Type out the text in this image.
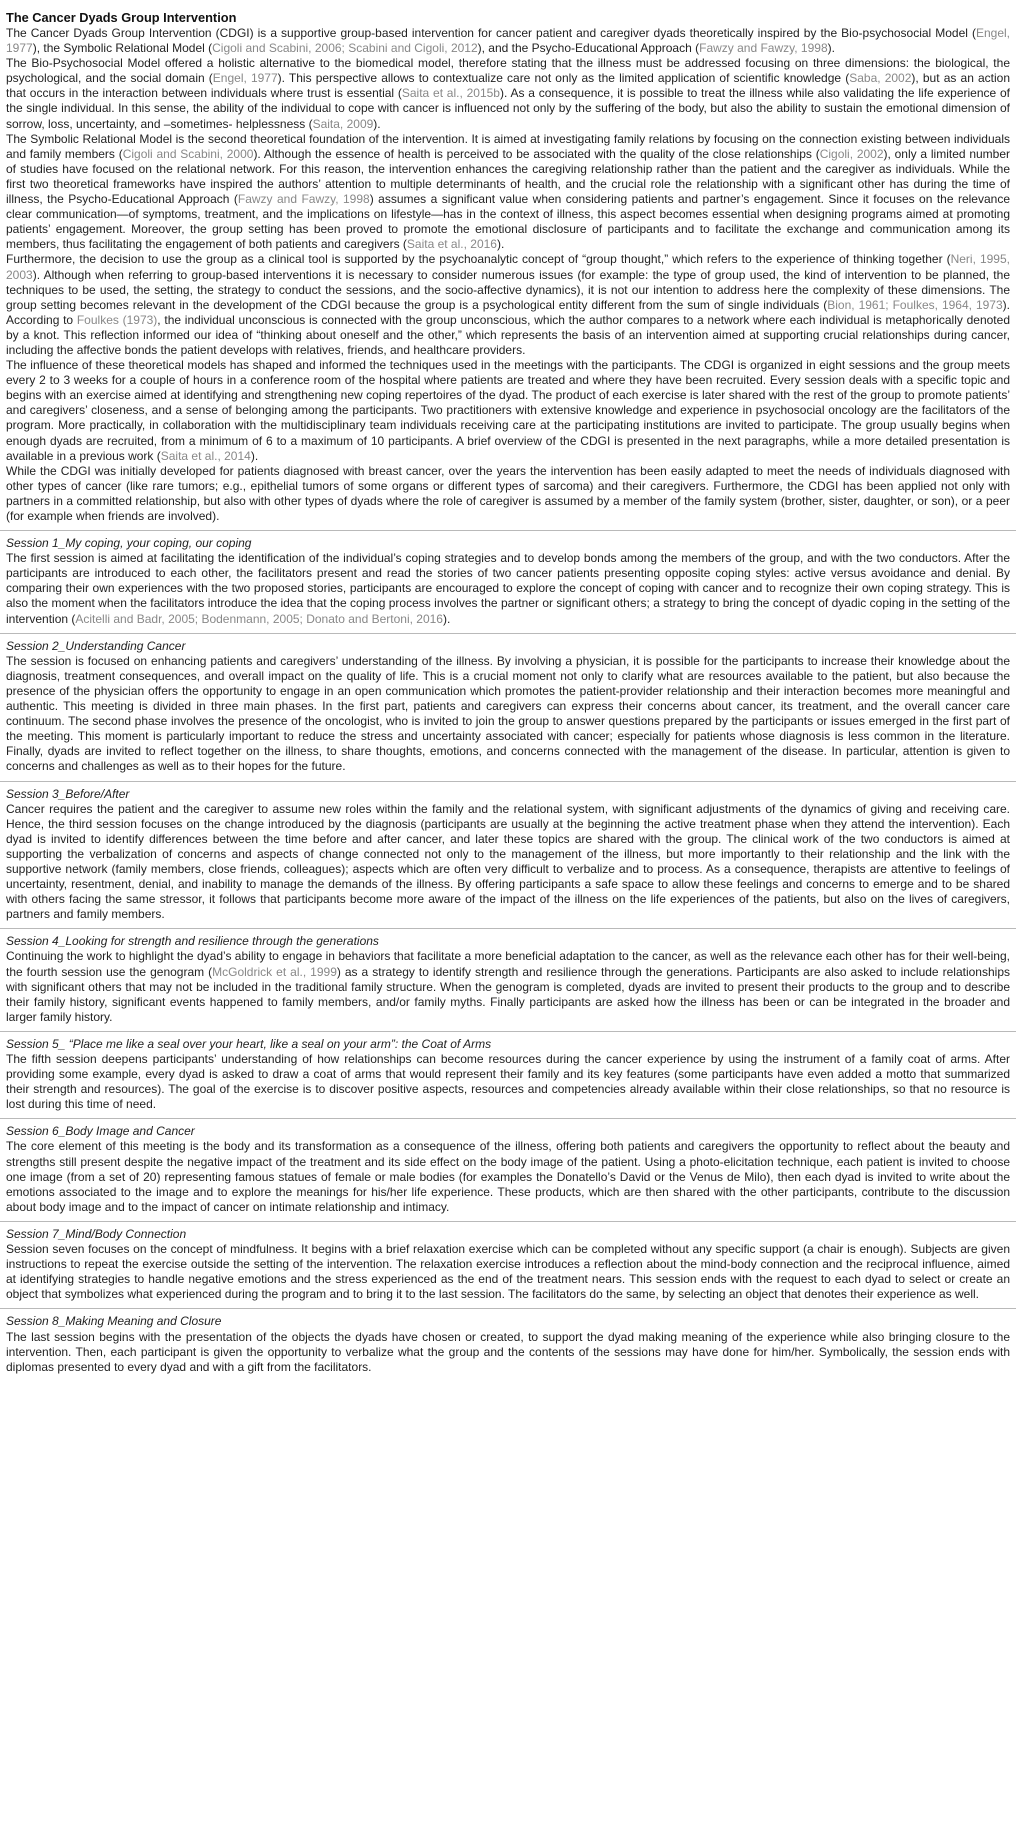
The Cancer Dyads Group Intervention

The Cancer Dyads Group Intervention (CDGI) is a supportive group-based intervention for cancer patient and caregiver dyads theoretically inspired by the Bio-psychosocial Model (Engel, 1977), the Symbolic Relational Model (Cigoli and Scabini, 2006; Scabini and Cigoli, 2012), and the Psycho-Educational Approach (Fawzy and Fawzy, 1998).

The Bio-Psychosocial Model offered a holistic alternative to the biomedical model, therefore stating that the illness must be addressed focusing on three dimensions: the biological, the psychological, and the social domain (Engel, 1977). This perspective allows to contextualize care not only as the limited application of scientific knowledge (Saba, 2002), but as an action that occurs in the interaction between individuals where trust is essential (Saita et al., 2015b). As a consequence, it is possible to treat the illness while also validating the life experience of the single individual. In this sense, the ability of the individual to cope with cancer is influenced not only by the suffering of the body, but also the ability to sustain the emotional dimension of sorrow, loss, uncertainty, and –sometimes- helplessness (Saita, 2009).

The Symbolic Relational Model is the second theoretical foundation of the intervention. It is aimed at investigating family relations by focusing on the connection existing between individuals and family members (Cigoli and Scabini, 2000). Although the essence of health is perceived to be associated with the quality of the close relationships (Cigoli, 2002), only a limited number of studies have focused on the relational network. For this reason, the intervention enhances the caregiving relationship rather than the patient and the caregiver as individuals. While the first two theoretical frameworks have inspired the authors’ attention to multiple determinants of health, and the crucial role the relationship with a significant other has during the time of illness, the Psycho-Educational Approach (Fawzy and Fawzy, 1998) assumes a significant value when considering patients and partner’s engagement. Since it focuses on the relevance clear communication—of symptoms, treatment, and the implications on lifestyle—has in the context of illness, this aspect becomes essential when designing programs aimed at promoting patients’ engagement. Moreover, the group setting has been proved to promote the emotional disclosure of participants and to facilitate the exchange and communication among its members, thus facilitating the engagement of both patients and caregivers (Saita et al., 2016).

Furthermore, the decision to use the group as a clinical tool is supported by the psychoanalytic concept of “group thought,” which refers to the experience of thinking together (Neri, 1995, 2003). Although when referring to group-based interventions it is necessary to consider numerous issues (for example: the type of group used, the kind of intervention to be planned, the techniques to be used, the setting, the strategy to conduct the sessions, and the socio-affective dynamics), it is not our intention to address here the complexity of these dimensions. The group setting becomes relevant in the development of the CDGI because the group is a psychological entity different from the sum of single individuals (Bion, 1961; Foulkes, 1964, 1973). According to Foulkes (1973), the individual unconscious is connected with the group unconscious, which the author compares to a network where each individual is metaphorically denoted by a knot. This reflection informed our idea of “thinking about oneself and the other,” which represents the basis of an intervention aimed at supporting crucial relationships during cancer, including the affective bonds the patient develops with relatives, friends, and healthcare providers.

The influence of these theoretical models has shaped and informed the techniques used in the meetings with the participants. The CDGI is organized in eight sessions and the group meets every 2 to 3 weeks for a couple of hours in a conference room of the hospital where patients are treated and where they have been recruited. Every session deals with a specific topic and begins with an exercise aimed at identifying and strengthening new coping repertoires of the dyad. The product of each exercise is later shared with the rest of the group to promote patients’ and caregivers’ closeness, and a sense of belonging among the participants. Two practitioners with extensive knowledge and experience in psychosocial oncology are the facilitators of the program. More practically, in collaboration with the multidisciplinary team individuals receiving care at the participating institutions are invited to participate. The group usually begins when enough dyads are recruited, from a minimum of 6 to a maximum of 10 participants. A brief overview of the CDGI is presented in the next paragraphs, while a more detailed presentation is available in a previous work (Saita et al., 2014).

While the CDGI was initially developed for patients diagnosed with breast cancer, over the years the intervention has been easily adapted to meet the needs of individuals diagnosed with other types of cancer (like rare tumors; e.g., epithelial tumors of some organs or different types of sarcoma) and their caregivers. Furthermore, the CDGI has been applied not only with partners in a committed relationship, but also with other types of dyads where the role of caregiver is assumed by a member of the family system (brother, sister, daughter, or son), or a peer (for example when friends are involved).

Session 1_My coping, your coping, our coping

The first session is aimed at facilitating the identification of the individual’s coping strategies and to develop bonds among the members of the group, and with the two conductors. After the participants are introduced to each other, the facilitators present and read the stories of two cancer patients presenting opposite coping styles: active versus avoidance and denial. By comparing their own experiences with the two proposed stories, participants are encouraged to explore the concept of coping with cancer and to recognize their own coping strategy. This is also the moment when the facilitators introduce the idea that the coping process involves the partner or significant others; a strategy to bring the concept of dyadic coping in the setting of the intervention (Acitelli and Badr, 2005; Bodenmann, 2005; Donato and Bertoni, 2016).

Session 2_Understanding Cancer

The session is focused on enhancing patients and caregivers’ understanding of the illness. By involving a physician, it is possible for the participants to increase their knowledge about the diagnosis, treatment consequences, and overall impact on the quality of life. This is a crucial moment not only to clarify what are resources available to the patient, but also because the presence of the physician offers the opportunity to engage in an open communication which promotes the patient-provider relationship and their interaction becomes more meaningful and authentic. This meeting is divided in three main phases. In the first part, patients and caregivers can express their concerns about cancer, its treatment, and the overall cancer care continuum. The second phase involves the presence of the oncologist, who is invited to join the group to answer questions prepared by the participants or issues emerged in the first part of the meeting. This moment is particularly important to reduce the stress and uncertainty associated with cancer; especially for patients whose diagnosis is less common in the literature. Finally, dyads are invited to reflect together on the illness, to share thoughts, emotions, and concerns connected with the management of the disease. In particular, attention is given to concerns and challenges as well as to their hopes for the future.

Session 3_Before/After

Cancer requires the patient and the caregiver to assume new roles within the family and the relational system, with significant adjustments of the dynamics of giving and receiving care. Hence, the third session focuses on the change introduced by the diagnosis (participants are usually at the beginning the active treatment phase when they attend the intervention). Each dyad is invited to identify differences between the time before and after cancer, and later these topics are shared with the group. The clinical work of the two conductors is aimed at supporting the verbalization of concerns and aspects of change connected not only to the management of the illness, but more importantly to their relationship and the link with the supportive network (family members, close friends, colleagues); aspects which are often very difficult to verbalize and to process. As a consequence, therapists are attentive to feelings of uncertainty, resentment, denial, and inability to manage the demands of the illness. By offering participants a safe space to allow these feelings and concerns to emerge and to be shared with others facing the same stressor, it follows that participants become more aware of the impact of the illness on the life experiences of the patients, but also on the lives of caregivers, partners and family members.

Session 4_Looking for strength and resilience through the generations

Continuing the work to highlight the dyad’s ability to engage in behaviors that facilitate a more beneficial adaptation to the cancer, as well as the relevance each other has for their well-being, the fourth session use the genogram (McGoldrick et al., 1999) as a strategy to identify strength and resilience through the generations. Participants are also asked to include relationships with significant others that may not be included in the traditional family structure. When the genogram is completed, dyads are invited to present their products to the group and to describe their family history, significant events happened to family members, and/or family myths. Finally participants are asked how the illness has been or can be integrated in the broader and larger family history.

Session 5_ “Place me like a seal over your heart, like a seal on your arm”: the Coat of Arms

The fifth session deepens participants’ understanding of how relationships can become resources during the cancer experience by using the instrument of a family coat of arms. After providing some example, every dyad is asked to draw a coat of arms that would represent their family and its key features (some participants have even added a motto that summarized their strength and resources). The goal of the exercise is to discover positive aspects, resources and competencies already available within their close relationships, so that no resource is lost during this time of need.

Session 6_Body Image and Cancer

The core element of this meeting is the body and its transformation as a consequence of the illness, offering both patients and caregivers the opportunity to reflect about the beauty and strengths still present despite the negative impact of the treatment and its side effect on the body image of the patient. Using a photo-elicitation technique, each patient is invited to choose one image (from a set of 20) representing famous statues of female or male bodies (for examples the Donatello’s David or the Venus de Milo), then each dyad is invited to write about the emotions associated to the image and to explore the meanings for his/her life experience. These products, which are then shared with the other participants, contribute to the discussion about body image and to the impact of cancer on intimate relationship and intimacy.

Session 7_Mind/Body Connection

Session seven focuses on the concept of mindfulness. It begins with a brief relaxation exercise which can be completed without any specific support (a chair is enough). Subjects are given instructions to repeat the exercise outside the setting of the intervention. The relaxation exercise introduces a reflection about the mind-body connection and the reciprocal influence, aimed at identifying strategies to handle negative emotions and the stress experienced as the end of the treatment nears. This session ends with the request to each dyad to select or create an object that symbolizes what experienced during the program and to bring it to the last session. The facilitators do the same, by selecting an object that denotes their experience as well.

Session 8_Making Meaning and Closure

The last session begins with the presentation of the objects the dyads have chosen or created, to support the dyad making meaning of the experience while also bringing closure to the intervention. Then, each participant is given the opportunity to verbalize what the group and the contents of the sessions may have done for him/her. Symbolically, the session ends with diplomas presented to every dyad and with a gift from the facilitators.
